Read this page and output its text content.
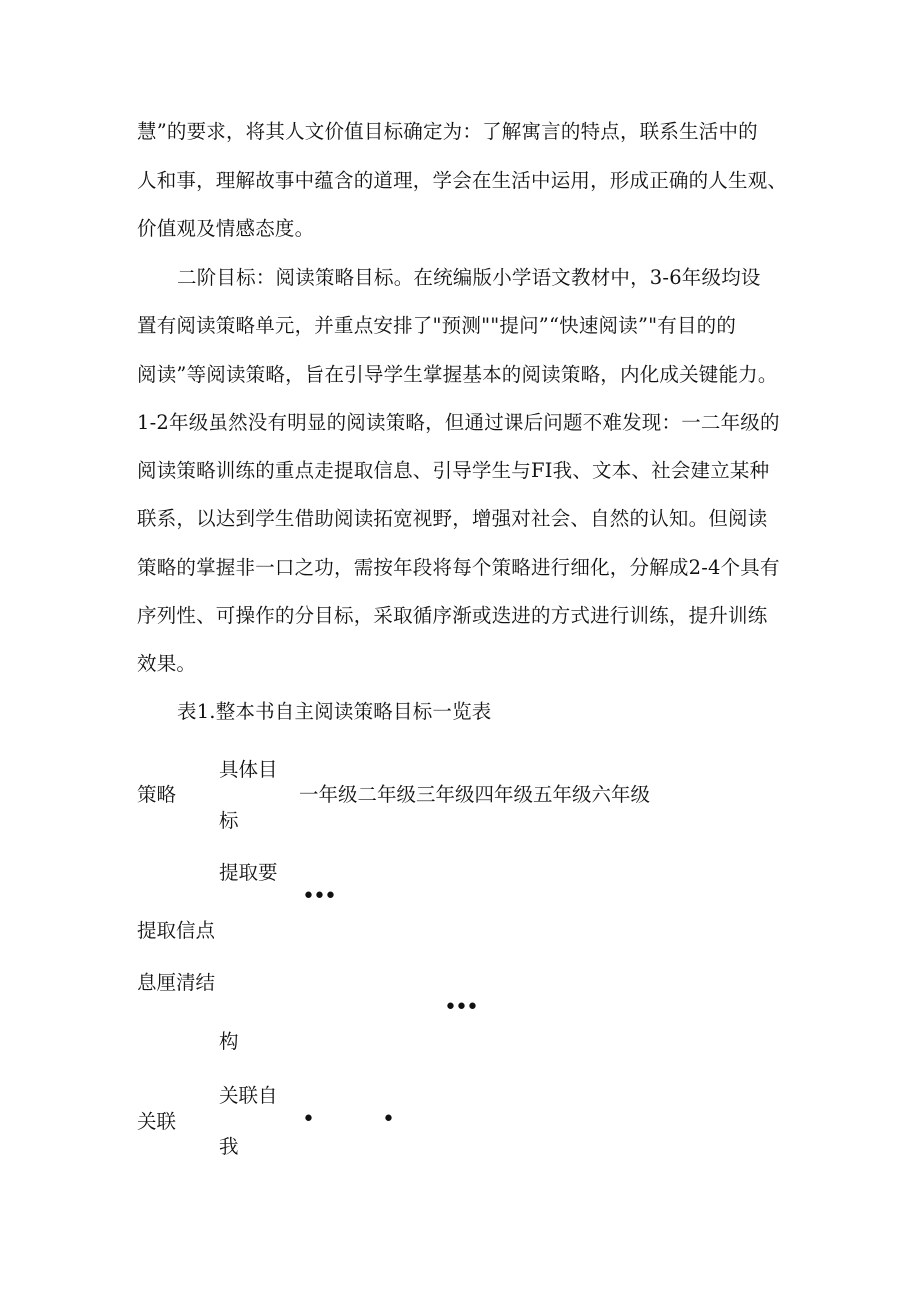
慧”的要求，将其人文价值目标确定为：了解寓言的特点，联系生活中的
人和事，理解故事中蕴含的道理，学会在生活中运用，形成正确的人生观、
价值观及情感态度。
二阶目标：阅读策略目标。在统编版小学语文教材中，3-6年级均设
置有阅读策略单元，并重点安排了"预测""提问”“快速阅读”"有目的的
阅读”等阅读策略，旨在引导学生掌握基本的阅读策略，内化成关键能力。
1-2年级虽然没有明显的阅读策略，但通过课后问题不难发现：一二年级的
阅读策略训练的重点走提取信息、引导学生与FI我、文本、社会建立某种
联系，以达到学生借助阅读拓宽视野，增强对社会、自然的认知。但阅读
策略的掌握非一口之功，需按年段将每个策略进行细化，分解成2-4个具有
序列性、可操作的分目标，采取循序渐或迭进的方式进行训练，提升训练
效果。
表1.整本书自主阅读策略目标一览表
策略
具体目
标
一年级二年级三年级四年级五年级六年级
提取要
•••
提取信点
息厘清结
•••
构
关联自
关联	•	•
我
